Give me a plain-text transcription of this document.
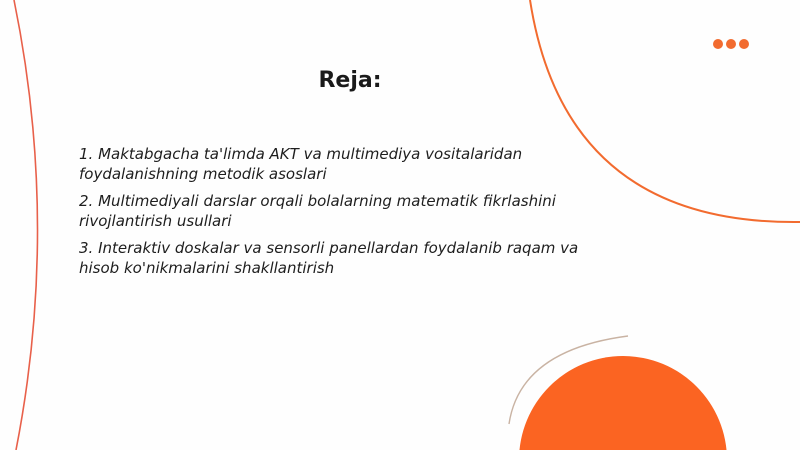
Reja:
1. Maktabgacha ta'limda AKT va multimediya vositalaridan foydalanishning metodik asoslari
2. Multimediyali darslar orqali bolalarning matematik fikrlashini rivojlantirish usullari
3. Interaktiv doskalar va sensorli panellardan foydalanib raqam va hisob ko'nikmalarini shakllantirish
